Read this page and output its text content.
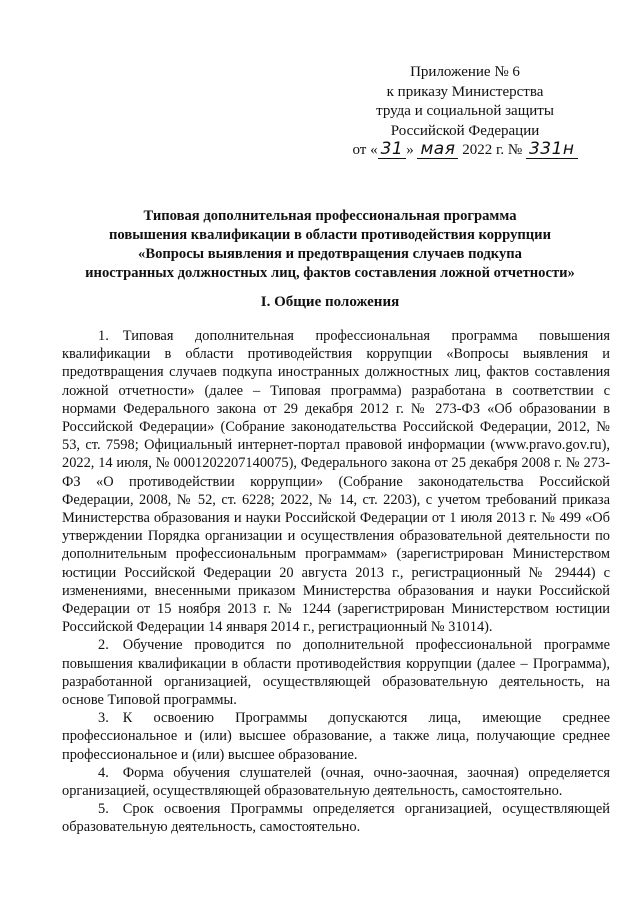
Приложение № 6
к приказу Министерства
труда и социальной защиты
Российской Федерации
от « 31 » мая 2022 г. № 331н
Типовая дополнительная профессиональная программа
повышения квалификации в области противодействия коррупции
«Вопросы выявления и предотвращения случаев подкупа
иностранных должностных лиц, фактов составления ложной отчетности»
I. Общие положения

1. Типовая дополнительная профессиональная программа повышения квалификации в области противодействия коррупции «Вопросы выявления и предотвращения случаев подкупа иностранных должностных лиц, фактов составления ложной отчетности» (далее – Типовая программа) разработана в соответствии с нормами Федерального закона от 29 декабря 2012 г. № 273-ФЗ «Об образовании в Российской Федерации» (Собрание законодательства Российской Федерации, 2012, № 53, ст. 7598; Официальный интернет-портал правовой информации (www.pravo.gov.ru), 2022, 14 июля, № 0001202207140075), Федерального закона от 25 декабря 2008 г. № 273-ФЗ «О противодействии коррупции» (Собрание законодательства Российской Федерации, 2008, № 52, ст. 6228; 2022, № 14, ст. 2203), с учетом требований приказа Министерства образования и науки Российской Федерации от 1 июля 2013 г. № 499 «Об утверждении Порядка организации и осуществления образовательной деятельности по дополнительным профессиональным программам» (зарегистрирован Министерством юстиции Российской Федерации 20 августа 2013 г., регистрационный № 29444) с изменениями, внесенными приказом Министерства образования и науки Российской Федерации от 15 ноября 2013 г. № 1244 (зарегистрирован Министерством юстиции Российской Федерации 14 января 2014 г., регистрационный № 31014).

2. Обучение проводится по дополнительной профессиональной программе повышения квалификации в области противодействия коррупции (далее – Программа), разработанной организацией, осуществляющей образовательную деятельность, на основе Типовой программы.

3. К освоению Программы допускаются лица, имеющие среднее профессиональное и (или) высшее образование, а также лица, получающие среднее профессиональное и (или) высшее образование.

4. Форма обучения слушателей (очная, очно-заочная, заочная) определяется организацией, осуществляющей образовательную деятельность, самостоятельно.

5. Срок освоения Программы определяется организацией, осуществляющей образовательную деятельность, самостоятельно.
